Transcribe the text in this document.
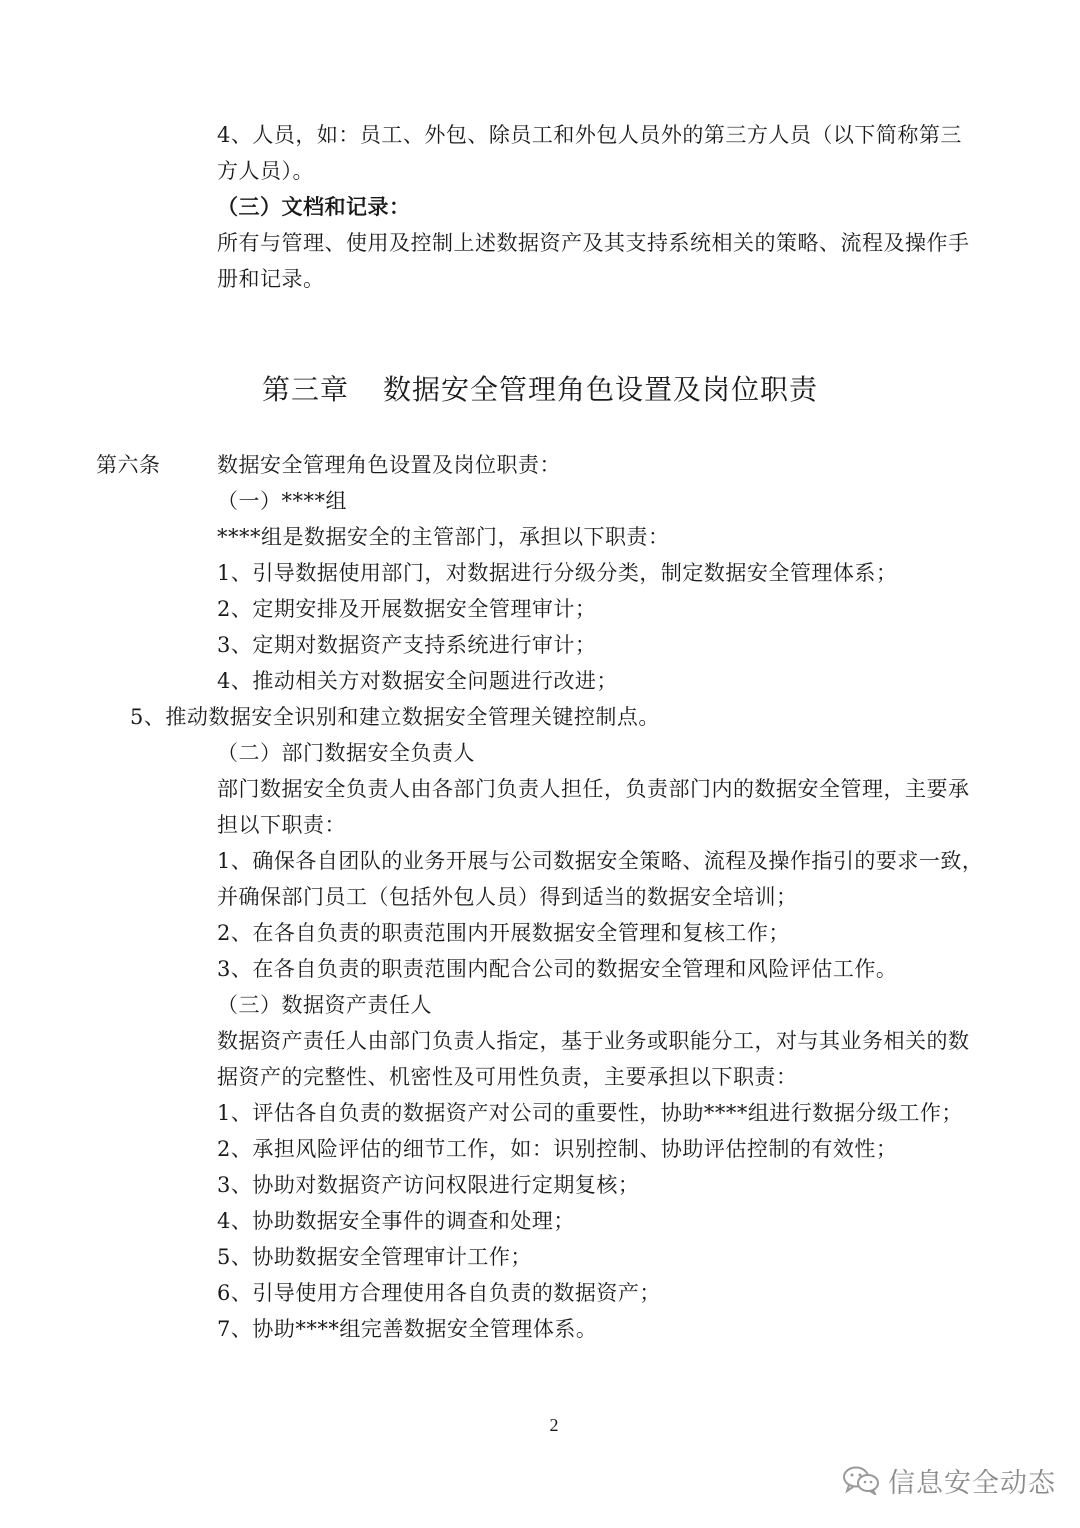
4、人员，如：员工、外包、除员工和外包人员外的第三方人员（以下简称第三
方人员）。
（三）文档和记录：
所有与管理、使用及控制上述数据资产及其支持系统相关的策略、流程及操作手
册和记录。
第三章 数据安全管理角色设置及岗位职责
第六条	数据安全管理角色设置及岗位职责：
（一）****组
****组是数据安全的主管部门，承担以下职责：
1、引导数据使用部门，对数据进行分级分类，制定数据安全管理体系；
2、定期安排及开展数据安全管理审计；
3、定期对数据资产支持系统进行审计；
4、推动相关方对数据安全问题进行改进；
5、推动数据安全识别和建立数据安全管理关键控制点。
（二）部门数据安全负责人
部门数据安全负责人由各部门负责人担任，负责部门内的数据安全管理，主要承
担以下职责：
1、确保各自团队的业务开展与公司数据安全策略、流程及操作指引的要求一致，
并确保部门员工（包括外包人员）得到适当的数据安全培训；
2、在各自负责的职责范围内开展数据安全管理和复核工作；
3、在各自负责的职责范围内配合公司的数据安全管理和风险评估工作。
（三）数据资产责任人
数据资产责任人由部门负责人指定，基于业务或职能分工，对与其业务相关的数
据资产的完整性、机密性及可用性负责，主要承担以下职责：
1、评估各自负责的数据资产对公司的重要性，协助****组进行数据分级工作；
2、承担风险评估的细节工作，如：识别控制、协助评估控制的有效性；
3、协助对数据资产访问权限进行定期复核；
4、协助数据安全事件的调查和处理；
5、协助数据安全管理审计工作；
6、引导使用方合理使用各自负责的数据资产；
7、协助****组完善数据安全管理体系。
2
信息安全动态
